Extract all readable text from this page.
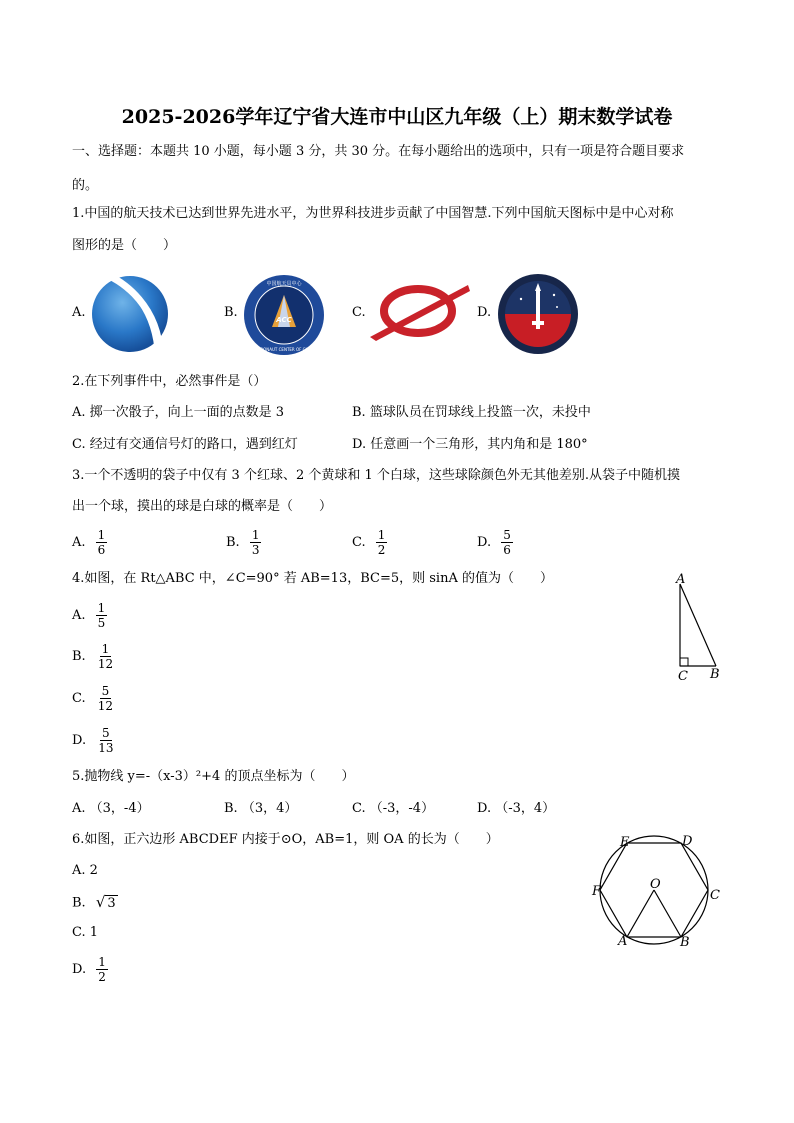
2025-2026学年辽宁省大连市中山区九年级（上）期末数学试卷
一、选择题：本题共 10 小题，每小题 3 分，共 30 分。在每小题给出的选项中，只有一项是符合题目要求
的。
1.中国的航天技术已达到世界先进水平，为世界科技进步贡献了中国智慧.下列中国航天图标中是中心对称
图形的是（　　）
A.	B.	ACC
中国航天员中心
ASTRONAUT CENTER OF CHINA
C.	D.
2.在下列事件中，必然事件是（）
A. 掷一次骰子，向上一面的点数是 3	B. 篮球队员在罚球线上投篮一次，未投中
C. 经过有交通信号灯的路口，遇到红灯	D. 任意画一个三角形，其内角和是 180°
3.一个不透明的袋子中仅有 3 个红球、2 个黄球和 1 个白球，这些球除颜色外无其他差别.从袋子中随机摸
出一个球，摸出的球是白球的概率是（　　）
A. $\frac{1}{6}$	B. $\frac{1}{3}$	C. $\frac{1}{2}$	D. $\frac{5}{6}$
4.如图，在 Rt△ABC 中，∠C=90° 若 AB=13，BC=5，则 sinA 的值为（　　）
A. $\frac{1}{5}$
B. $\frac{1}{12}$
C. $\frac{5}{12}$
D. $\frac{5}{13}$
A
C B
5.抛物线 y=-（x-3）²+4 的顶点坐标为（　　）
A. （3，-4）	B. （3，4）	C. （-3，-4）	D. （-3，4）
6.如图，正六边形 ABCDEF 内接于⊙O，AB=1，则 OA 的长为（　　）
A. 2
B. √ 3
C. 1
D. $\frac{1}{2}$
O
A	B
C
D
E
F
